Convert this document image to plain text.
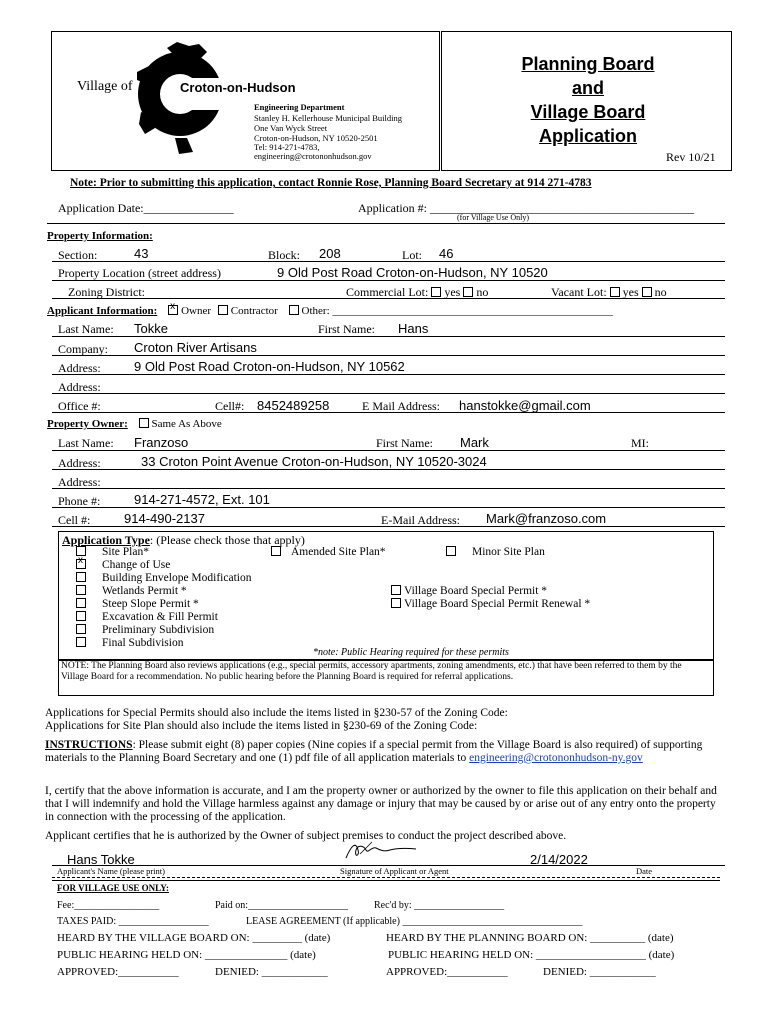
Village of	Croton-on-Hudson
Engineering Department
Stanley H. Kellerhouse Municipal Building
One Van Wyck Street
Croton-on-Hudson, NY 10520-2501
Tel: 914-271-4783,
engineering@crotononhudson.gov
Planning Board
and
Village Board
Application
Rev 10/21
Note: Prior to submitting this application, contact Ronnie Rose, Planning Board Secretary at 914 271-4783
Application Date:_______________	Application #: ____________________________________________
(for Village Use Only)
Property Information:
Section:	43	Block: 208	Lot: 46
Property Location (street address)	9 Old Post Road Croton-on-Hudson, NY 10520
Zoning District:	Commercial Lot: yes no	Vacant Lot: yes no
Applicant Information: x Owner Contractor Other: ___________________________________________________
Last Name: Tokke	First Name: Hans
Company: Croton River Artisans
Address:	9 Old Post Road Croton-on-Hudson, NY 10562
Address:
Office #:	Cell#: 8452489258	E Mail Address: hanstokke@gmail.com
Property Owner: Same As Above
Last Name: Franzoso	First Name: Mark	MI:
Address:	33 Croton Point Avenue Croton-on-Hudson, NY 10520-3024
Address:
Phone #:	914-271-4572, Ext. 101
Cell #:	914-490-2137	E-Mail Address: Mark@franzoso.com
Application Type: (Please check those that apply)
Site Plan*	Amended Site Plan*	Minor Site Plan
xChange of Use
Building Envelope Modification
Wetlands Permit *	Village Board Special Permit *
Steep Slope Permit *	Village Board Special Permit Renewal *
Excavation & Fill Permit
Preliminary Subdivision
Final Subdivision
*note: Public Hearing required for these permits
NOTE: The Planning Board also reviews applications (e.g., special permits, accessory apartments, zoning amendments, etc.) that have been referred to them by the Village Board for a recommendation. No public hearing before the Planning Board is required for referral applications.
Applications for Special Permits should also include the items listed in §230-57 of the Zoning Code:
Applications for Site Plan should also include the items listed in §230-69 of the Zoning Code:
INSTRUCTIONS: Please submit eight (8) paper copies (Nine copies if a special permit from the Village Board is also required) of supporting materials to the Planning Board Secretary and one (1) pdf file of all application materials to engineering@crotononhudson-ny.gov
I, certify that the above information is accurate, and I am the property owner or authorized by the owner to file this application on their behalf and that I will indemnify and hold the Village harmless against any damage or injury that may be caused by or arise out of any entry onto the property in connection with the processing of the application.
Applicant certifies that he is authorized by the Owner of subject premises to conduct the project described above.
Hans Tokke	2/14/2022
Applicant's Name (please print)	Signature of Applicant or Agent	Date
FOR VILLAGE USE ONLY:
Fee:_________________	Paid on:____________________	Rec'd by: __________________
TAXES PAID: __________________	LEASE AGREEMENT (If applicable) ____________________________________
HEARD BY THE VILLAGE BOARD ON: _________ (date)	HEARD BY THE PLANNING BOARD ON: __________ (date)
PUBLIC HEARING HELD ON: _______________ (date)	PUBLIC HEARING HELD ON: ____________________ (date)
APPROVED:___________	DENIED: ____________	APPROVED:___________	DENIED: ____________
